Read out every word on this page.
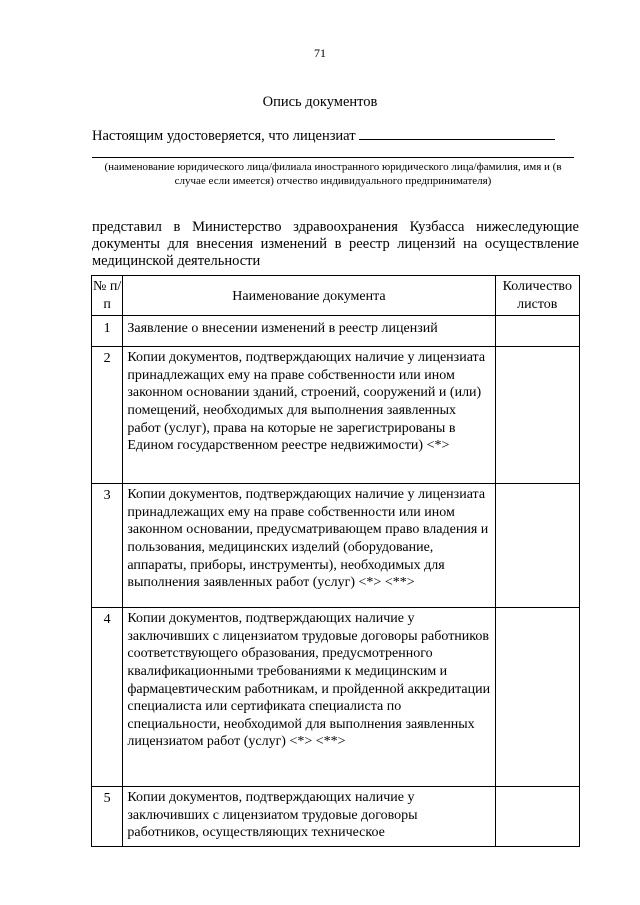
71
Опись документов
Настоящим удостоверяется, что лицензиат
(наименование юридического лица/филиала иностранного юридического лица/фамилия, имя и (в случае если имеется) отчество индивидуального предпринимателя)
представил в Министерство здравоохранения Кузбасса нижеследующие документы для внесения изменений в реестр лицензий на осуществление медицинской деятельности
№ п/п	Наименование документа	Количество листов
1	Заявление о внесении изменений в реестр лицензий	
2	Копии документов, подтверждающих наличие у лицензиата принадлежащих ему на праве собственности или ином законном основании зданий, строений, сооружений и (или) помещений, необходимых для выполнения заявленных работ (услуг), права на которые не зарегистрированы в Едином государственном реестре недвижимости) <*>	
3	Копии документов, подтверждающих наличие у лицензиата принадлежащих ему на праве собственности или ином законном основании, предусматривающем право владения и пользования, медицинских изделий (оборудование, аппараты, приборы, инструменты), необходимых для выполнения заявленных работ (услуг) <*> <**>	
4	Копии документов, подтверждающих наличие у заключивших с лицензиатом трудовые договоры работников соответствующего образования, предусмотренного квалификационными требованиями к медицинским и фармацевтическим работникам, и пройденной аккредитации специалиста или сертификата специалиста по специальности, необходимой для выполнения заявленных лицензиатом работ (услуг) <*> <**>	
5	Копии документов, подтверждающих наличие у заключивших с лицензиатом трудовые договоры работников, осуществляющих техническое	
